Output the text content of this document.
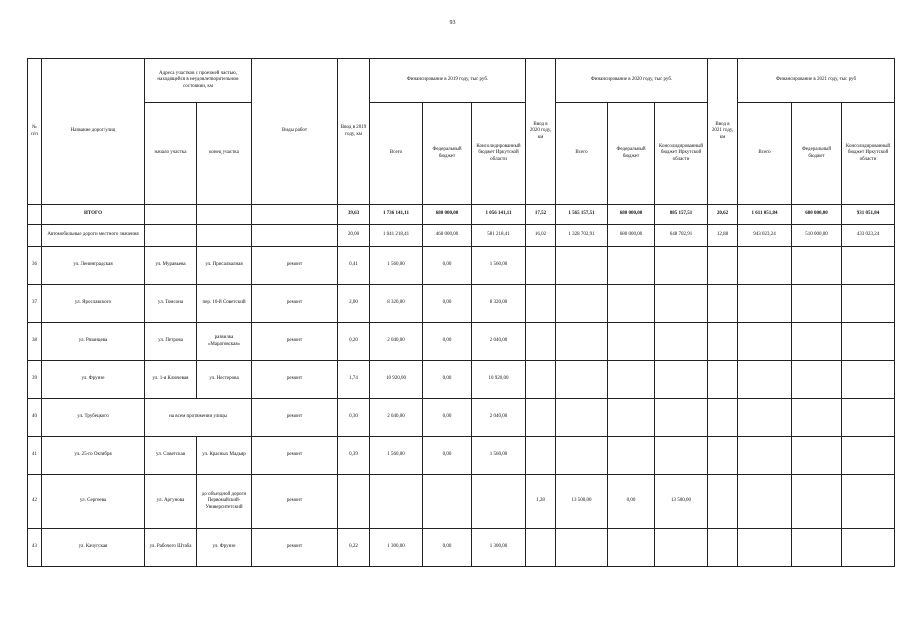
93
№ п/п	Название дорог/улиц	Адреса участков с проезжей частью, находящейся в неудовлетворительном состоянии, км		Виды работ	Ввод в 2019 году, км	Финансирование в 2019 году, тыс руб.			Ввод в 2020 году, км	Финансирование в 2020 году, тыс руб.			Ввод в 2021 году, км	Финансирование в 2021 году, тыс руб		
		начало участка	конец участка			Всего	Федеральный бюджет	Консолидированный бюджет Иркутской области		Всего	Федеральный бюджет	Консолидированный бюджет Иркутской области		Всего	Федеральный бюджет	Консолидированный бюджет Иркутской области
	ИТОГО				39,63	1 736 141,11	680 000,00	1 056 141,11	17,52	1 565 157,51	680 000,00	885 157,51	20,62	1 611 051,84	680 000,00	931 051,84
	Автомобильные дороги местного значения				20,00	1 041 218,41	460 000,00	581 218,41	16,02	1 328 702,91	680 000,00	648 702,91	12,88	943 023,24	510 000,00	433 023,24
36	ул. Ленинградская	ул. Муравьева	ул. Присалвалная	ремонт	0,41	1 560,00	0,00	1 560,00								
37	ул. Ярославского	ул. Томсона	пер. 10-й Советский	ремонт	2,00	8 320,00	0,00	8 320,00								
38	ул. Рязанцева	ул. Петрова	развилка «Маратовская»	ремонт	0,20	2 040,00	0,00	2 040,00								
39	ул. Фрунзе	ул. 1-я Ключевая	ул. Нестерова	ремонт	1,74	10 920,00	0,00	10 920,00								
40	ул. Трубецкого	на всем протяжении улицы		ремонт	0,30	2 040,00	0,00	2 040,00								
41	ул. 25-го Октября	ул. Советская	ул. Красных Мадьяр	ремонт	0,39	1 560,00	0,00	1 560,00								
42	ул. Сергеева	ул. Аргунова	до объездной дороги Первомайский-Университетский	ремонт					1,28	13 500,00	0,00	13 500,00				
43	ул. Качугская	ул. Рабочего Штаба	ул. Фрунзе	ремонт	0,22	1 300,00	0,00	1 300,00								
